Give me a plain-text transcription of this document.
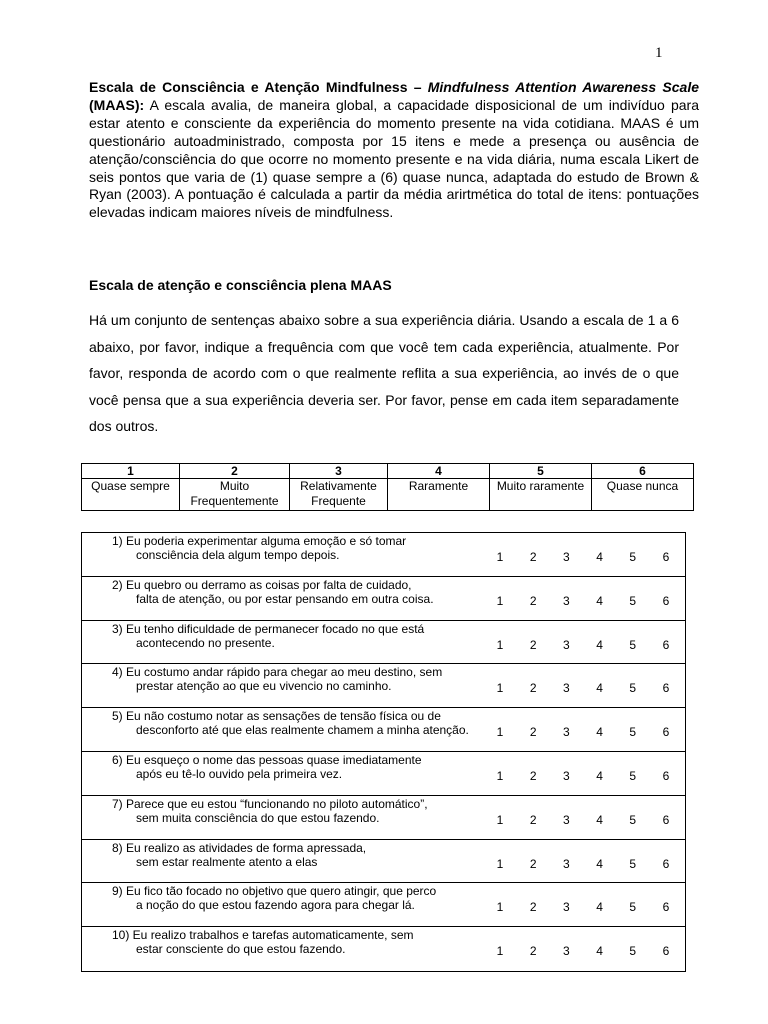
1
Escala de Consciência e Atenção Mindfulness – Mindfulness Attention Awareness Scale (MAAS): A escala avalia, de maneira global, a capacidade disposicional de um indivíduo para estar atento e consciente da experiência do momento presente na vida cotidiana. MAAS é um questionário autoadministrado, composta por 15 itens e mede a presença ou ausência de atenção/consciência do que ocorre no momento presente e na vida diária, numa escala Likert de seis pontos que varia de (1) quase sempre a (6) quase nunca, adaptada do estudo de Brown & Ryan (2003). A pontuação é calculada a partir da média arirtmética do total de itens: pontuações elevadas indicam maiores níveis de mindfulness.
Escala de atenção e consciência plena MAAS
Há um conjunto de sentenças abaixo sobre a sua experiência diária. Usando a escala de 1 a 6 abaixo, por favor, indique a frequência com que você tem cada experiência, atualmente. Por favor, responda de acordo com o que realmente reflita a sua experiência, ao invés de o que você pensa que a sua experiência deveria ser. Por favor, pense em cada item separadamente dos outros.
1	2	3	4	5	6
Quase sempre	Muito Frequentemente	Relativamente Frequente	Raramente	Muito raramente	Quase nunca
1) Eu poderia experimentar alguma emoção e só tomar
consciência dela algum tempo depois.	1	2	3	4	5	6
2) Eu quebro ou derramo as coisas por falta de cuidado,
falta de atenção, ou por estar pensando em outra coisa.	1	2	3	4	5	6
3) Eu tenho dificuldade de permanecer focado no que está
acontecendo no presente.	1	2	3	4	5	6
4) Eu costumo andar rápido para chegar ao meu destino, sem
prestar atenção ao que eu vivencio no caminho.	1	2	3	4	5	6
5) Eu não costumo notar as sensações de tensão física ou de
desconforto até que elas realmente chamem a minha atenção.	1	2	3	4	5	6
6) Eu esqueço o nome das pessoas quase imediatamente
após eu tê-lo ouvido pela primeira vez.	1	2	3	4	5	6
7) Parece que eu estou “funcionando no piloto automático”,
sem muita consciência do que estou fazendo.	1	2	3	4	5	6
8) Eu realizo as atividades de forma apressada,
sem estar realmente atento a elas	1	2	3	4	5	6
9) Eu fico tão focado no objetivo que quero atingir, que perco
a noção do que estou fazendo agora para chegar lá.	1	2	3	4	5	6
10) Eu realizo trabalhos e tarefas automaticamente, sem
estar consciente do que estou fazendo.	1	2	3	4	5	6
